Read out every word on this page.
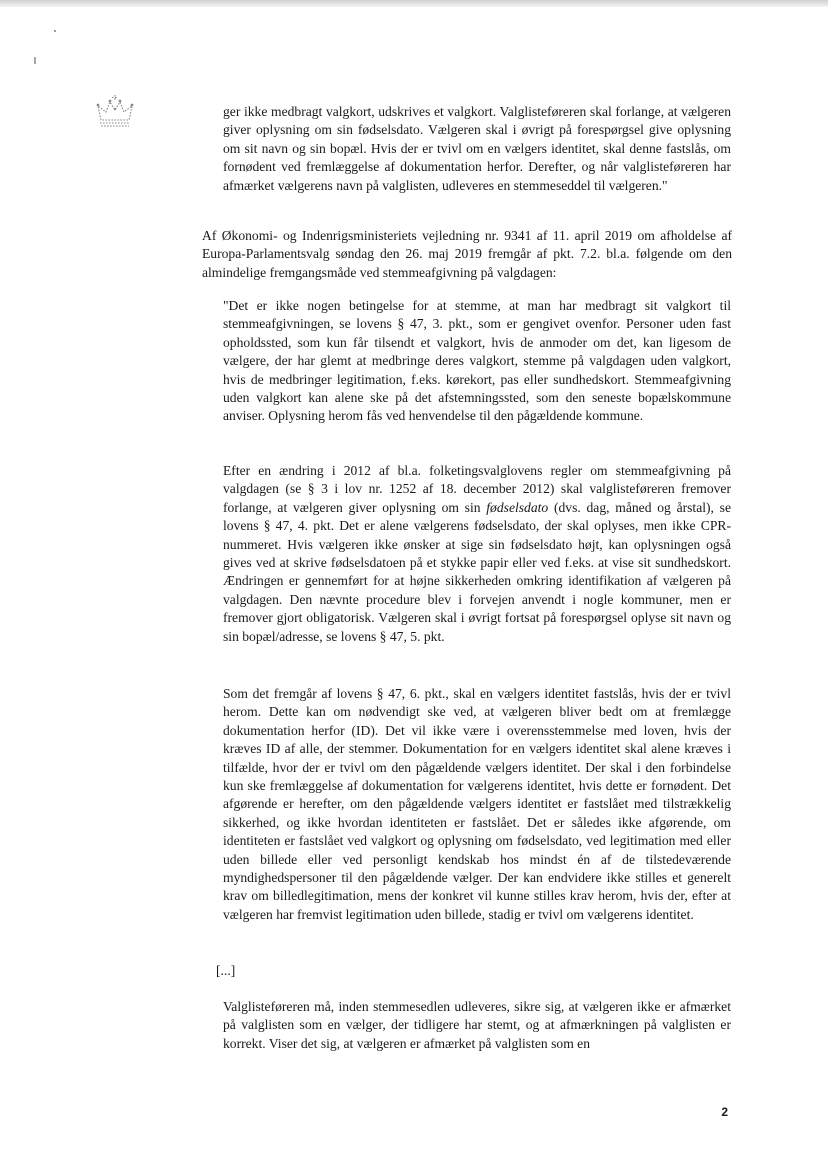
ger ikke medbragt valgkort, udskrives et valgkort. Valglisteføreren skal forlange, at vælgeren giver oplysning om sin fødselsdato. Vælgeren skal i øvrigt på forespørgsel give oplysning om sit navn og sin bopæl. Hvis der er tvivl om en vælgers identitet, skal denne fastslås, om fornødent ved fremlæggelse af dokumentation herfor. Derefter, og når valglisteføreren har afmærket vælgerens navn på valglisten, udleveres en stemmeseddel til vælgeren."

Af Økonomi- og Indenrigsministeriets vejledning nr. 9341 af 11. april 2019 om afholdelse af Europa-Parlamentsvalg søndag den 26. maj 2019 fremgår af pkt. 7.2. bl.a. følgende om den almindelige fremgangsmåde ved stemmeafgivning på valgdagen:

"Det er ikke nogen betingelse for at stemme, at man har medbragt sit valgkort til stemmeafgivningen, se lovens § 47, 3. pkt., som er gengivet ovenfor. Personer uden fast opholdssted, som kun får tilsendt et valgkort, hvis de anmoder om det, kan ligesom de vælgere, der har glemt at medbringe deres valgkort, stemme på valgdagen uden valgkort, hvis de medbringer legitimation, f.eks. kørekort, pas eller sundhedskort. Stemmeafgivning uden valgkort kan alene ske på det afstemningssted, som den seneste bopælskommune anviser. Oplysning herom fås ved henvendelse til den pågældende kommune.

Efter en ændring i 2012 af bl.a. folketingsvalglovens regler om stemmeafgivning på valgdagen (se § 3 i lov nr. 1252 af 18. december 2012) skal valglisteføreren fremover forlange, at vælgeren giver oplysning om sin fødselsdato (dvs. dag, måned og årstal), se lovens § 47, 4. pkt. Det er alene vælgerens fødselsdato, der skal oplyses, men ikke CPR-nummeret. Hvis vælgeren ikke ønsker at sige sin fødselsdato højt, kan oplysningen også gives ved at skrive fødselsdatoen på et stykke papir eller ved f.eks. at vise sit sundhedskort. Ændringen er gennemført for at højne sikkerheden omkring identifikation af vælgeren på valgdagen. Den nævnte procedure blev i forvejen anvendt i nogle kommuner, men er fremover gjort obligatorisk. Vælgeren skal i øvrigt fortsat på forespørgsel oplyse sit navn og sin bopæl/adresse, se lovens § 47, 5. pkt.

Som det fremgår af lovens § 47, 6. pkt., skal en vælgers identitet fastslås, hvis der er tvivl herom. Dette kan om nødvendigt ske ved, at vælgeren bliver bedt om at fremlægge dokumentation herfor (ID). Det vil ikke være i overensstemmelse med loven, hvis der kræves ID af alle, der stemmer. Dokumentation for en vælgers identitet skal alene kræves i tilfælde, hvor der er tvivl om den pågældende vælgers identitet. Der skal i den forbindelse kun ske fremlæggelse af dokumentation for vælgerens identitet, hvis dette er fornødent. Det afgørende er herefter, om den pågældende vælgers identitet er fastslået med tilstrækkelig sikkerhed, og ikke hvordan identiteten er fastslået. Det er således ikke afgørende, om identiteten er fastslået ved valgkort og oplysning om fødselsdato, ved legitimation med eller uden billede eller ved personligt kendskab hos mindst én af de tilstedeværende myndighedspersoner til den pågældende vælger. Der kan endvidere ikke stilles et generelt krav om billedlegitimation, mens der konkret vil kunne stilles krav herom, hvis der, efter at vælgeren har fremvist legitimation uden billede, stadig er tvivl om vælgerens identitet.

[...]

Valglisteføreren må, inden stemmesedlen udleveres, sikre sig, at vælgeren ikke er afmærket på valglisten som en vælger, der tidligere har stemt, og at afmærkningen på valglisten er korrekt. Viser det sig, at vælgeren er afmærket på valglisten som en

2
